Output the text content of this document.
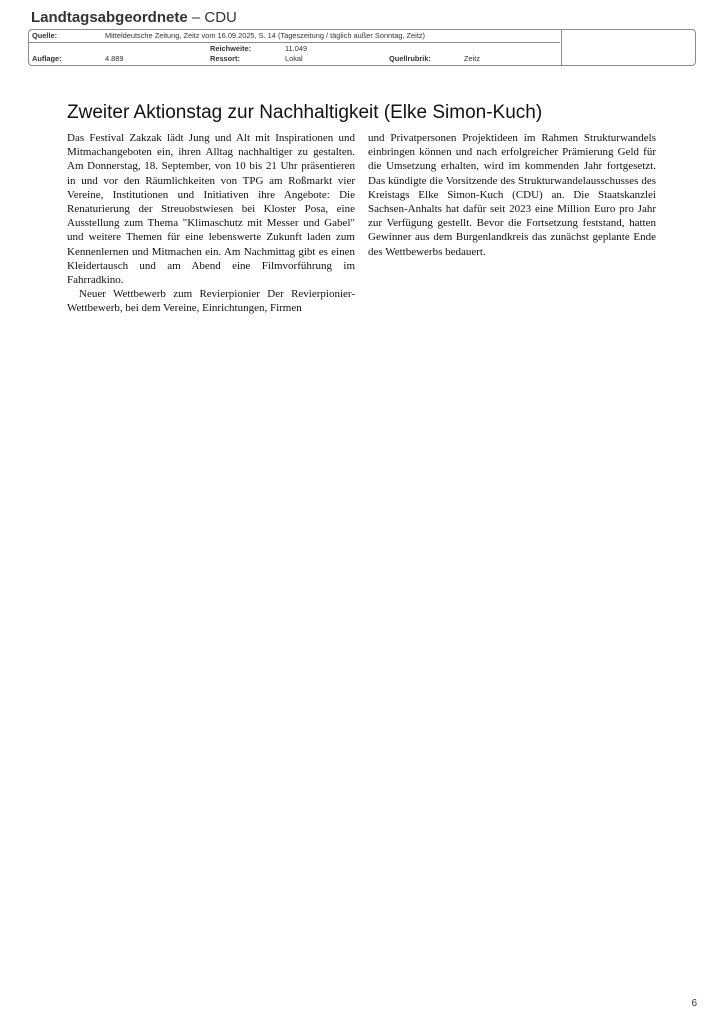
Landtagsabgeordnete – CDU
Quelle:	Mitteldeutsche Zeitung, Zeitz vom 16.09.2025, S. 14 (Tageszeitung / täglich außer Sonntag, Zeitz)
Reichweite:	11.049
Auflage:	4.889	Ressort:	Lokal	Quellrubrik:	Zeitz
Zweiter Aktionstag zur Nachhaltigkeit (Elke Simon-Kuch)

Das Festival Zakzak lädt Jung und Alt mit Inspirationen und Mitmachangeboten ein, ihren Alltag nachhaltiger zu gestalten. Am Donnerstag, 18. September, von 10 bis 21 Uhr präsentieren in und vor den Räumlichkeiten von TPG am Roßmarkt vier Vereine, Institutionen und Initiativen ihre Angebote: Die Renaturierung der Streuobstwiesen bei Kloster Posa, eine Ausstellung zum Thema "Klimaschutz mit Messer und Gabel" und weitere Themen für eine lebenswerte Zukunft laden zum Kennenlernen und Mitmachen ein. Am Nachmittag gibt es einen Kleidertausch und am Abend eine Filmvorführung im Fahrradkino.

Neuer Wettbewerb zum Revierpionier Der Revierpionier-Wettbewerb, bei dem Vereine, Einrichtungen, Firmen

und Privatpersonen Projektideen im Rahmen Strukturwandels einbringen können und nach erfolgreicher Prämierung Geld für die Umsetzung erhalten, wird im kommenden Jahr fortgesetzt. Das kündigte die Vorsitzende des Strukturwandelausschusses des Kreistags Elke Simon-Kuch (CDU) an. Die Staatskanzlei Sachsen-Anhalts hat dafür seit 2023 eine Million Euro pro Jahr zur Verfügung gestellt. Bevor die Fortsetzung feststand, hatten Gewinner aus dem Burgenlandkreis das zunächst geplante Ende des Wettbewerbs bedauert.

6
